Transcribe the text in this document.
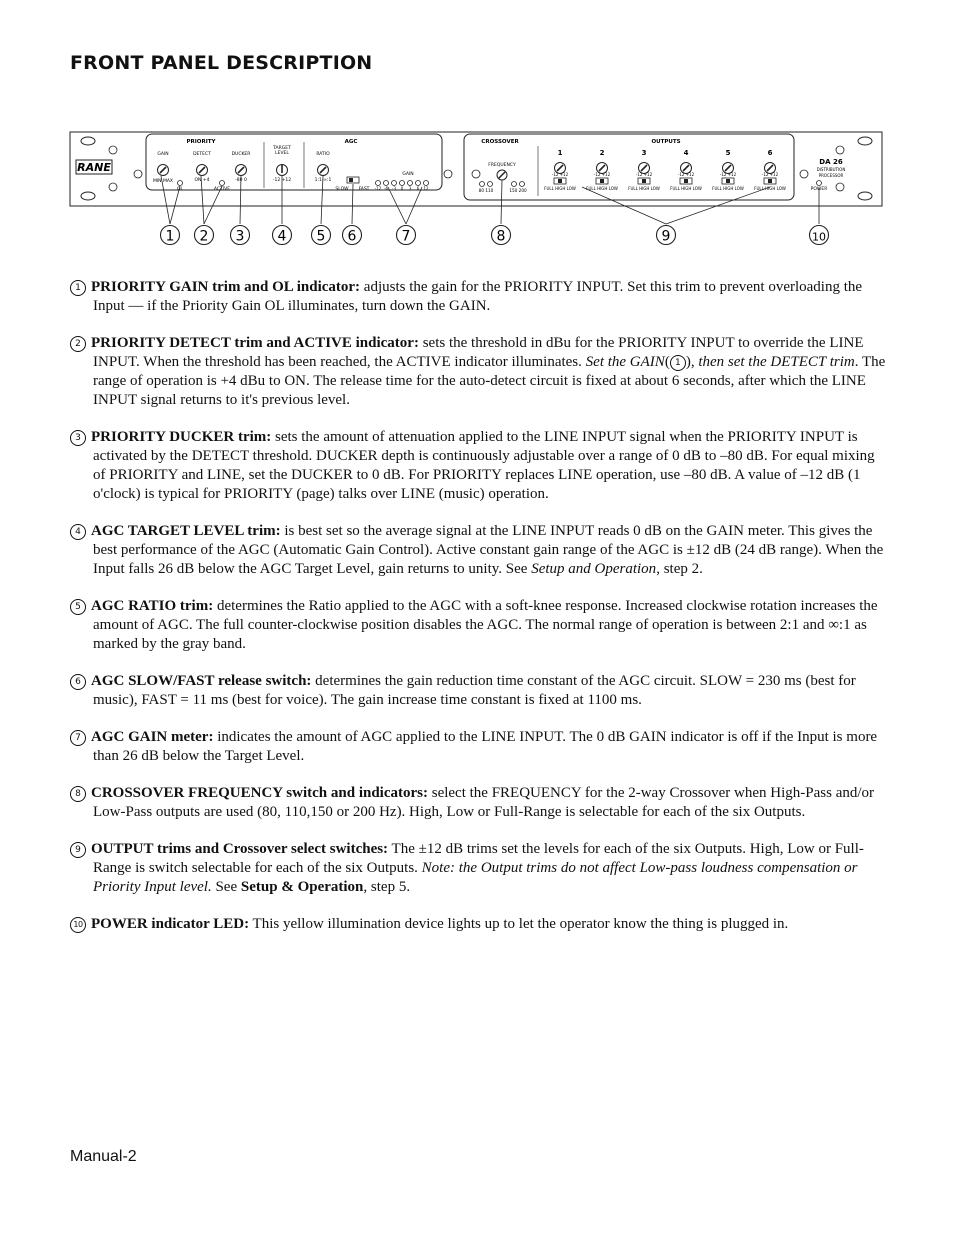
FRONT PANEL DESCRIPTION
RANE
PRIORITY	AGC
GAIN	DETECT	DUCKER
TARGET
LEVEL	RATIO
GAIN
MIN MAX	ON +4	-80 0	-12 +12	1:1 ∞:1
OL	ACTIVE	SLOW FAST -12 -6 -3 0 3 6 12
CROSSOVER	OUTPUTS
FREQUENCY
80 110	150 200
1
-12 +12
FULL HIGH LOW
2
-12 +12
FULL HIGH LOW
3
-12 +12
FULL HIGH LOW
4
-12 +12
FULL HIGH LOW
5
-12 +12
FULL HIGH LOW
6
-12 +12
FULL HIGH LOW
DA 26
DISTRIBUTION
PROCESSOR
POWER
1 2 3 4 5 6	7	8	9	10

1 PRIORITY GAIN trim and OL indicator: adjusts the gain for the PRIORITY INPUT. Set this trim to prevent overloading the Input — if the Priority Gain OL illuminates, turn down the GAIN.

2 PRIORITY DETECT trim and ACTIVE indicator: sets the threshold in dBu for the PRIORITY INPUT to override the LINE INPUT. When the threshold has been reached, the ACTIVE indicator illuminates. Set the GAIN( 1 ), then set the DETECT trim. The range of operation is +4 dBu to ON. The release time for the auto-detect circuit is fixed at about 6 seconds, after which the LINE INPUT signal returns to it's previous level.

3 PRIORITY DUCKER trim: sets the amount of attenuation applied to the LINE INPUT signal when the PRIORITY INPUT is activated by the DETECT threshold. DUCKER depth is continuously adjustable over a range of 0 dB to –80 dB. For equal mixing of PRIORITY and LINE, set the DUCKER to 0 dB. For PRIORITY replaces LINE operation, use –80 dB. A value of –12 dB (1 o'clock) is typical for PRIORITY (page) talks over LINE (music) operation.

4 AGC TARGET LEVEL trim: is best set so the average signal at the LINE INPUT reads 0 dB on the GAIN meter. This gives the best performance of the AGC (Automatic Gain Control). Active constant gain range of the AGC is ±12 dB (24 dB range). When the Input falls 26 dB below the AGC Target Level, gain returns to unity. See Setup and Operation, step 2.

5 AGC RATIO trim: determines the Ratio applied to the AGC with a soft-knee response. Increased clockwise rotation increases the amount of AGC. The full counter-clockwise position disables the AGC. The normal range of operation is between 2:1 and ∞:1 as marked by the gray band.

6 AGC SLOW/FAST release switch: determines the gain reduction time constant of the AGC circuit. SLOW = 230 ms (best for music), FAST = 11 ms (best for voice). The gain increase time constant is fixed at 1100 ms.

7 AGC GAIN meter: indicates the amount of AGC applied to the LINE INPUT. The 0 dB GAIN indicator is off if the Input is more than 26 dB below the Target Level.

8 CROSSOVER FREQUENCY switch and indicators: select the FREQUENCY for the 2-way Crossover when High-Pass and/or Low-Pass outputs are used (80, 110,150 or 200 Hz). High, Low or Full-Range is selectable for each of the six Outputs.

9 OUTPUT trims and Crossover select switches: The ±12 dB trims set the levels for each of the six Outputs. High, Low or Full-Range is switch selectable for each of the six Outputs. Note: the Output trims do not affect Low-pass loudness compensation or Priority Input level. See Setup & Operation, step 5.

10 POWER indicator LED: This yellow illumination device lights up to let the operator know the thing is plugged in.

Manual-2
